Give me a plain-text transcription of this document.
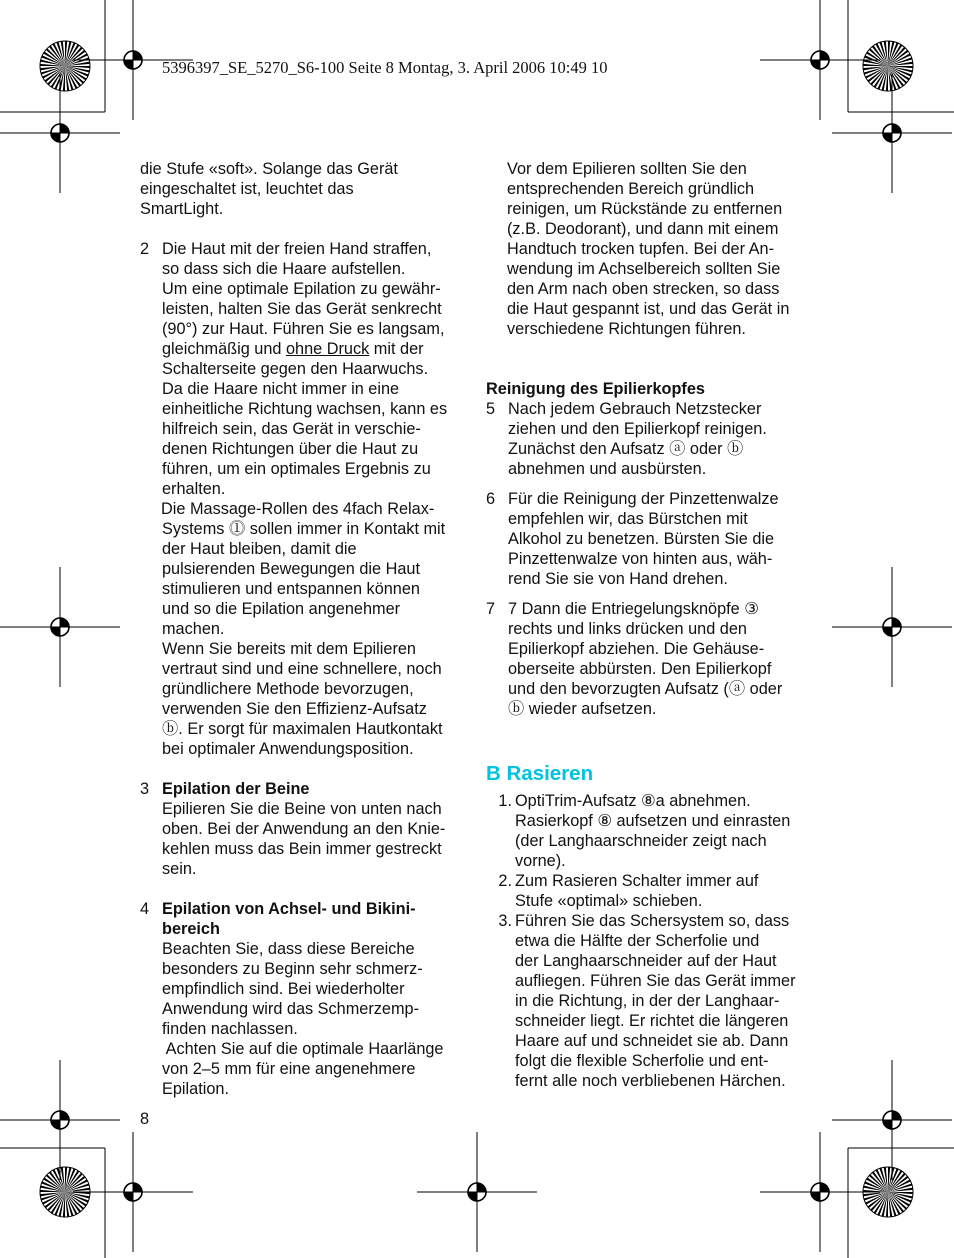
5396397_SE_5270_S6-100 Seite 8 Montag, 3. April 2006 10:49 10

die Stufe «soft». Solange das Gerät

eingeschaltet ist, leuchtet das

SmartLight.

2 Die Haut mit der freien Hand straffen,

so dass sich die Haare aufstellen.

Um eine optimale Epilation zu gewähr-

leisten, halten Sie das Gerät senkrecht

(90°) zur Haut. Führen Sie es langsam,

gleichmäßig und ohne Druck mit der

Schalterseite gegen den Haarwuchs.

Da die Haare nicht immer in eine

einheitliche Richtung wachsen, kann es

hilfreich sein, das Gerät in verschie-

denen Richtungen über die Haut zu

führen, um ein optimales Ergebnis zu

erhalten.

Die Massage-Rollen des 4fach Relax-

Systems ⓵ sollen immer in Kontakt mit

der Haut bleiben, damit die

pulsierenden Bewegungen die Haut

stimulieren und entspannen können

und so die Epilation angenehmer

machen.

Wenn Sie bereits mit dem Epilieren

vertraut sind und eine schnellere, noch

gründlichere Methode bevorzugen,

verwenden Sie den Effizienz-Aufsatz

ⓑ. Er sorgt für maximalen Hautkontakt

bei optimaler Anwendungsposition.

3 Epilation der Beine

Epilieren Sie die Beine von unten nach

oben. Bei der Anwendung an den Knie-

kehlen muss das Bein immer gestreckt

sein.

4 Epilation von Achsel- und Bikini-

bereich

Beachten Sie, dass diese Bereiche

besonders zu Beginn sehr schmerz-

empfindlich sind. Bei wiederholter

Anwendung wird das Schmerzemp-

finden nachlassen.

Achten Sie auf die optimale Haarlänge

von 2–5 mm für eine angenehmere

Epilation.

Vor dem Epilieren sollten Sie den

entsprechenden Bereich gründlich

reinigen, um Rückstände zu entfernen

(z.B. Deodorant), und dann mit einem

Handtuch trocken tupfen. Bei der An-

wendung im Achselbereich sollten Sie

den Arm nach oben strecken, so dass

die Haut gespannt ist, und das Gerät in

verschiedene Richtungen führen.

Reinigung des Epilierkopfes

5 Nach jedem Gebrauch Netzstecker

ziehen und den Epilierkopf reinigen.

Zunächst den Aufsatz ⓐ oder ⓑ

abnehmen und ausbürsten.

6 Für die Reinigung der Pinzettenwalze

empfehlen wir, das Bürstchen mit

Alkohol zu benetzen. Bürsten Sie die

Pinzettenwalze von hinten aus, wäh-

rend Sie sie von Hand drehen.

7 7 Dann die Entriegelungsknöpfe ③

rechts und links drücken und den

Epilierkopf abziehen. Die Gehäuse-

oberseite abbürsten. Den Epilierkopf

und den bevorzugten Aufsatz (ⓐ oder

ⓑ wieder aufsetzen.

B Rasieren

1. OptiTrim-Aufsatz ⑧a abnehmen.

Rasierkopf ⑧ aufsetzen und einrasten

(der Langhaarschneider zeigt nach

vorne).

2. Zum Rasieren Schalter immer auf

Stufe «optimal» schieben.

3. Führen Sie das Schersystem so, dass

etwa die Hälfte der Scherfolie und

der Langhaarschneider auf der Haut

aufliegen. Führen Sie das Gerät immer

in die Richtung, in der der Langhaar-

schneider liegt. Er richtet die längeren

Haare auf und schneidet sie ab. Dann

folgt die flexible Scherfolie und ent-

fernt alle noch verbliebenen Härchen.

8
